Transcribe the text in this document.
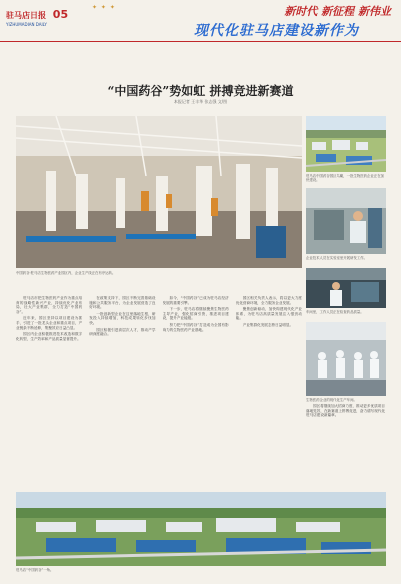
驻马店日报 05
YIZHUMADIAN DAILY
✦ ✦ ✦	新时代 新征程 新伟业
现代化驻马店建设新作为
“中国药谷”势如虹 拼搏竞进新赛道
本报记者 王丰华 张志强 文/图
中国药谷·驻马店生物医药产业园区内，企业生产线正在有序运转。
驻马店中国药谷园区鸟瞰，一批生物医药企业正在加快建设。
企业技术人员在实验室里开展研发工作。
车间里，工作人员正在检查药品质量。
生物医药企业的现代化生产车间。

驻马店市把生物医药产业作为重点培育的战略性新兴产业，持续优化产业布局，壮大产业集群，全力打造“中国药谷”。

近年来，园区坚持以项目建设为抓手，引进了一批龙头企业和重点项目，产业链条不断延伸，集聚效应日益凸显。

园区内企业积极推进技术改造和数字化转型，生产效率和产品质量显著提升。

在政策支持下，园区不断完善基础设施和公共服务平台，为企业发展营造了良好环境。

一批创新型企业在这里落地生根，研发投入持续增加，科技成果转化步伐加快。

园区积极引进高层次人才，推动产学研深度融合。

如今，“中国药谷”已成为驻马店经济发展的重要引擎。

下一步，驻马店将继续聚焦生物医药主导产业，强化招商引资，推进项目建设，提升产业能级。

努力把“中国药谷”打造成为全国有影响力的生物医药产业基地。

园区相关负责人表示，将以更大力度优化营商环境，全力服务企业发展。

聚焦创新驱动，加快构建现代化产业体系，为驻马店高质量发展注入强劲动能。

产业集群化发展态势日益明显。

园区将继续加大招商力度，推动更多优质项目落地见效，在新赛道上拼搏竞进，奋力谱写现代化驻马店建设新篇章。

驻马店“中国药谷”一角。
